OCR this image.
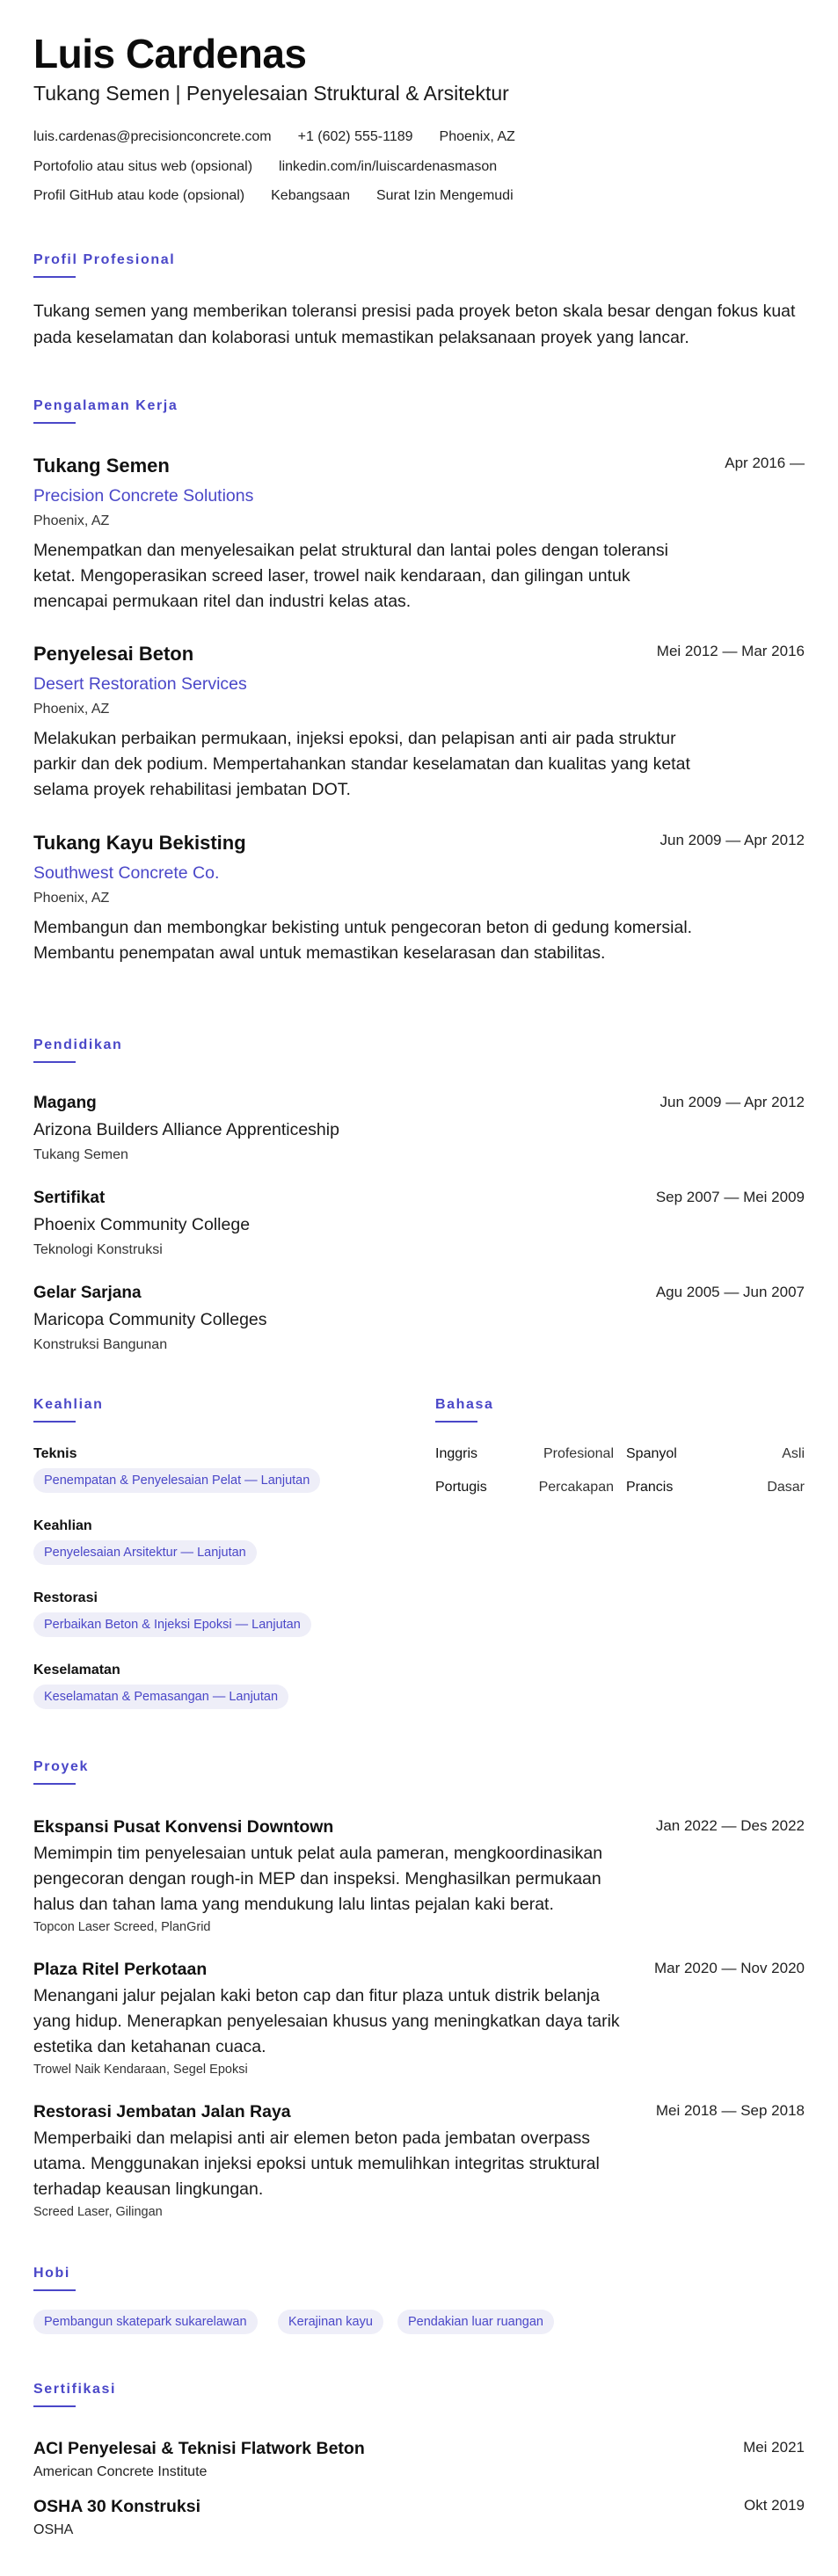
Luis Cardenas
Tukang Semen | Penyelesaian Struktural & Arsitektur
luis.cardenas@precisionconcrete.com +1 (602) 555-1189 Phoenix, AZ
Portofolio atau situs web (opsional) linkedin.com/in/luiscardenasmason
Profil GitHub atau kode (opsional) Kebangsaan Surat Izin Mengemudi
Profil Profesional
Tukang semen yang memberikan toleransi presisi pada proyek beton skala besar dengan fokus kuat pada keselamatan dan kolaborasi untuk memastikan pelaksanaan proyek yang lancar.
Pengalaman Kerja
Tukang Semen
Precision Concrete Solutions
Phoenix, AZ
Menempatkan dan menyelesaikan pelat struktural dan lantai poles dengan toleransi ketat. Mengoperasikan screed laser, trowel naik kendaraan, dan gilingan untuk mencapai permukaan ritel dan industri kelas atas.
Apr 2016 —
Penyelesai Beton
Desert Restoration Services
Phoenix, AZ
Melakukan perbaikan permukaan, injeksi epoksi, dan pelapisan anti air pada struktur parkir dan dek podium. Mempertahankan standar keselamatan dan kualitas yang ketat selama proyek rehabilitasi jembatan DOT.
Mei 2012 — Mar 2016
Tukang Kayu Bekisting
Southwest Concrete Co.
Phoenix, AZ
Membangun dan membongkar bekisting untuk pengecoran beton di gedung komersial. Membantu penempatan awal untuk memastikan keselarasan dan stabilitas.
Jun 2009 — Apr 2012
Pendidikan
Magang
Arizona Builders Alliance Apprenticeship
Tukang Semen
Jun 2009 — Apr 2012
Sertifikat
Phoenix Community College
Teknologi Konstruksi
Sep 2007 — Mei 2009
Gelar Sarjana
Maricopa Community Colleges
Konstruksi Bangunan
Agu 2005 — Jun 2007
Keahlian
Teknis
Penempatan & Penyelesaian Pelat — Lanjutan
Keahlian
Penyelesaian Arsitektur — Lanjutan
Restorasi
Perbaikan Beton & Injeksi Epoksi — Lanjutan
Keselamatan
Keselamatan & Pemasangan — Lanjutan
Bahasa
Inggris	Profesional Spanyol	Asli
Portugis	Percakapan Prancis	Dasar
Proyek
Ekspansi Pusat Konvensi Downtown
Memimpin tim penyelesaian untuk pelat aula pameran, mengkoordinasikan pengecoran dengan rough-in MEP dan inspeksi. Menghasilkan permukaan halus dan tahan lama yang mendukung lalu lintas pejalan kaki berat.
Topcon Laser Screed, PlanGrid
Jan 2022 — Des 2022
Plaza Ritel Perkotaan
Menangani jalur pejalan kaki beton cap dan fitur plaza untuk distrik belanja yang hidup. Menerapkan penyelesaian khusus yang meningkatkan daya tarik estetika dan ketahanan cuaca.
Trowel Naik Kendaraan, Segel Epoksi
Mar 2020 — Nov 2020
Restorasi Jembatan Jalan Raya
Memperbaiki dan melapisi anti air elemen beton pada jembatan overpass utama. Menggunakan injeksi epoksi untuk memulihkan integritas struktural terhadap keausan lingkungan.
Screed Laser, Gilingan
Mei 2018 — Sep 2018
Hobi
Pembangun skatepark sukarelawan	Kerajinan kayu	Pendakian luar ruangan
Sertifikasi
ACI Penyelesai & Teknisi Flatwork Beton
American Concrete Institute
Mei 2021
OSHA 30 Konstruksi
OSHA
Okt 2019
